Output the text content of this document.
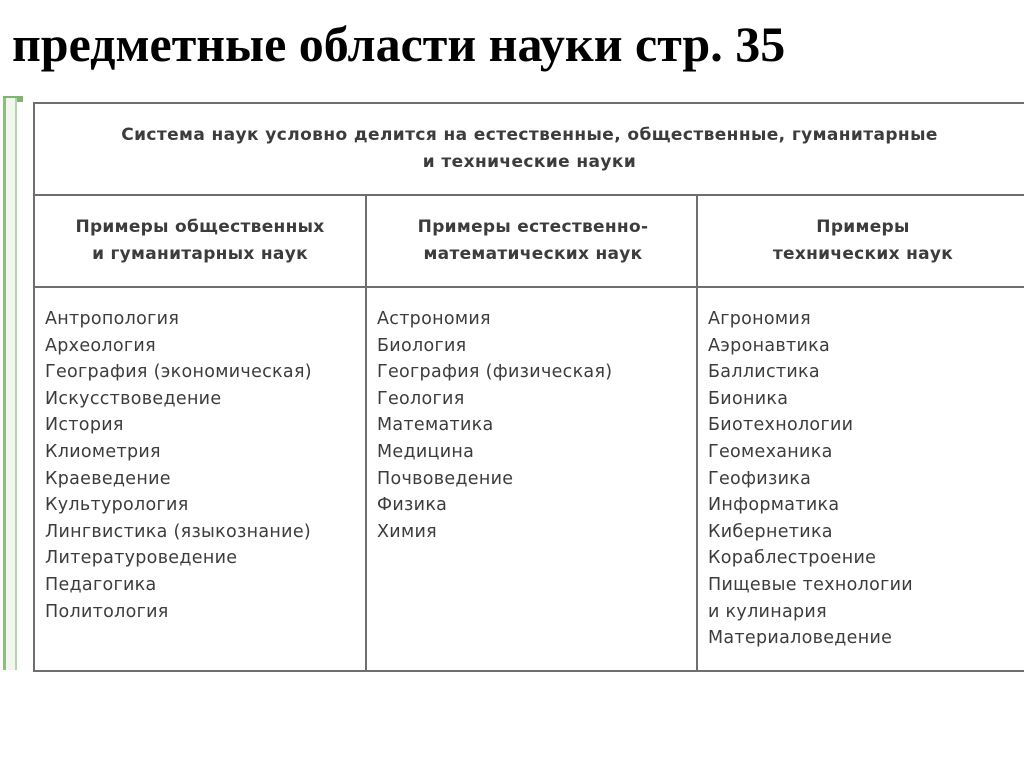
предметные области науки стр. 35
Система наук условно делится на естественные, общественные, гуманитарные
и технические науки
Примеры общественных
и гуманитарных наук
Примеры естественно-
математических наук
Примеры
технических наук
Антропология
Археология
География (экономическая)
Искусствоведение
История
Клиометрия
Краеведение
Культурология
Лингвистика (языкознание)
Литературоведение
Педагогика
Политология
Астрономия
Биология
География (физическая)
Геология
Математика
Медицина
Почвоведение
Физика
Химия
Агрономия
Аэронавтика
Баллистика
Бионика
Биотехнологии
Геомеханика
Геофизика
Информатика
Кибернетика
Кораблестроение
Пищевые технологии
и кулинария
Материаловедение
